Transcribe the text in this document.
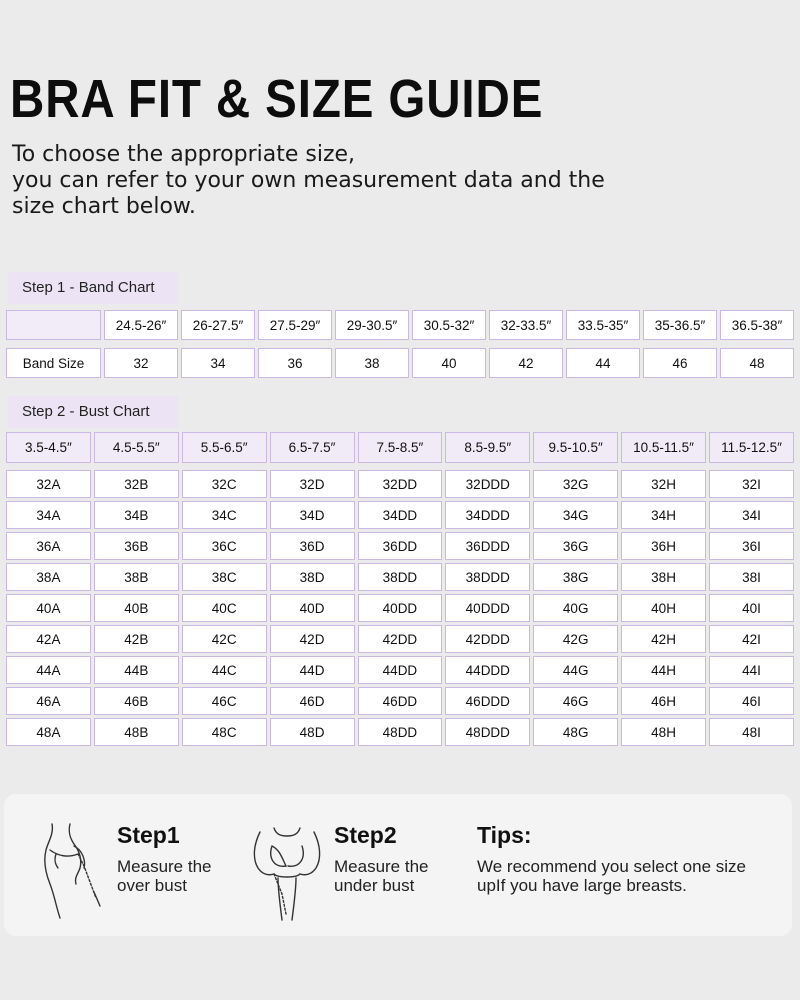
BRA FIT & SIZE GUIDE
To choose the appropriate size,
you can refer to your own measurement data and the
size chart below.
Step 1 - Band Chart
	24.5-26″	26-27.5″	27.5-29″	29-30.5″	30.5-32″	32-33.5″	33.5-35″	35-36.5″	36.5-38″
Band Size	32	34	36	38	40	42	44	46	48
Step 2 - Bust Chart
3.5-4.5″	4.5-5.5″	5.5-6.5″	6.5-7.5″	7.5-8.5″	8.5-9.5″	9.5-10.5″	10.5-11.5″	11.5-12.5″
32A	32B	32C	32D	32DD	32DDD	32G	32H	32I
34A	34B	34C	34D	34DD	34DDD	34G	34H	34I
36A	36B	36C	36D	36DD	36DDD	36G	36H	36I
38A	38B	38C	38D	38DD	38DDD	38G	38H	38I
40A	40B	40C	40D	40DD	40DDD	40G	40H	40I
42A	42B	42C	42D	42DD	42DDD	42G	42H	42I
44A	44B	44C	44D	44DD	44DDD	44G	44H	44I
46A	46B	46C	46D	46DD	46DDD	46G	46H	46I
48A	48B	48C	48D	48DD	48DDD	48G	48H	48I
Step1
Measure the
over bust
Step2
Measure the
under bust
Tips:
We recommend you select one size
upIf you have large breasts.
